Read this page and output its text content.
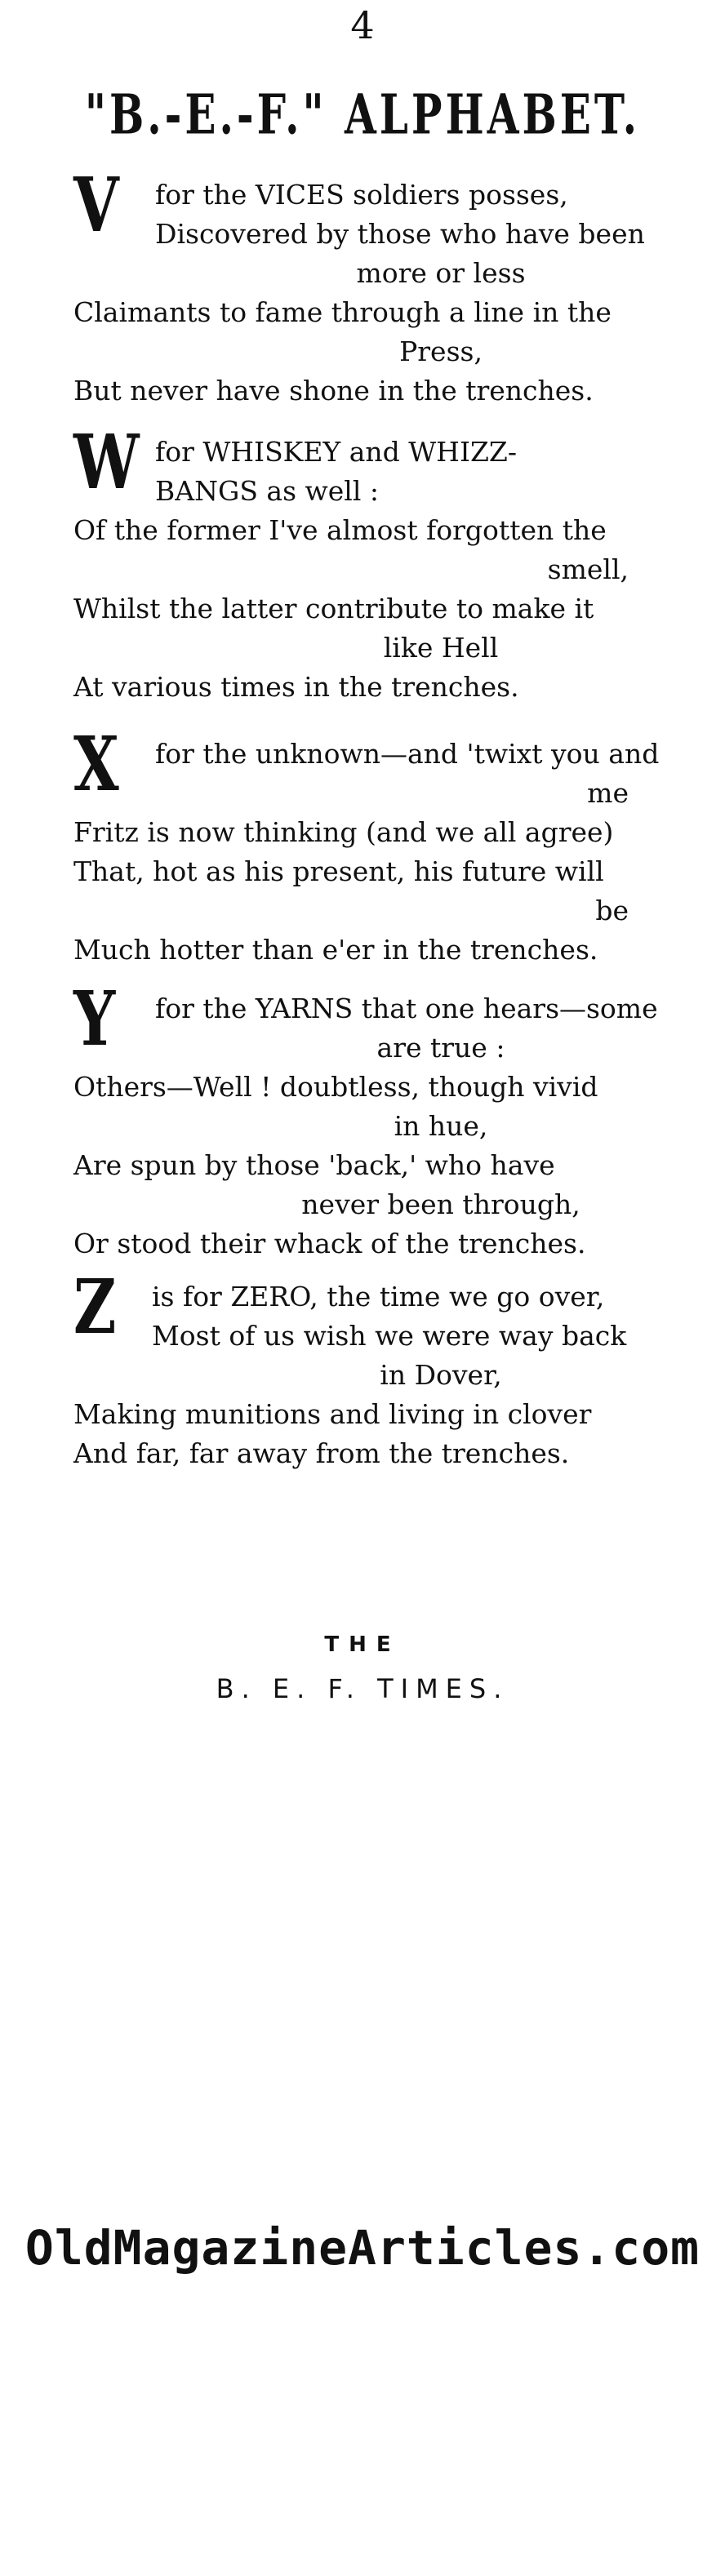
4
"B.-E.-F." ALPHABET.
V	for the VICES soldiers posses,
Discovered by those who have been
more or less
Claimants to fame through a line in the
Press,
But never have shone in the trenches.
W for WHISKEY and WHIZZ-
BANGS as well :
Of the former I've almost forgotten the
smell,
Whilst the latter contribute to make it
like Hell
At various times in the trenches.
X	for the unknown—and 'twixt you and
me
Fritz is now thinking (and we all agree)
That, hot as his present, his future will
be
Much hotter than e'er in the trenches.
Y	for the YARNS that one hears—some
are true :
Others—Well ! doubtless, though vivid
in hue,
Are spun by those 'back,' who have
never been through,
Or stood their whack of the trenches.
Z	is for ZERO, the time we go over,
Most of us wish we were way back
in Dover,
Making munitions and living in clover
And far, far away from the trenches.
THE
B. E. F. TIMES.
OldMagazineArticles.com
